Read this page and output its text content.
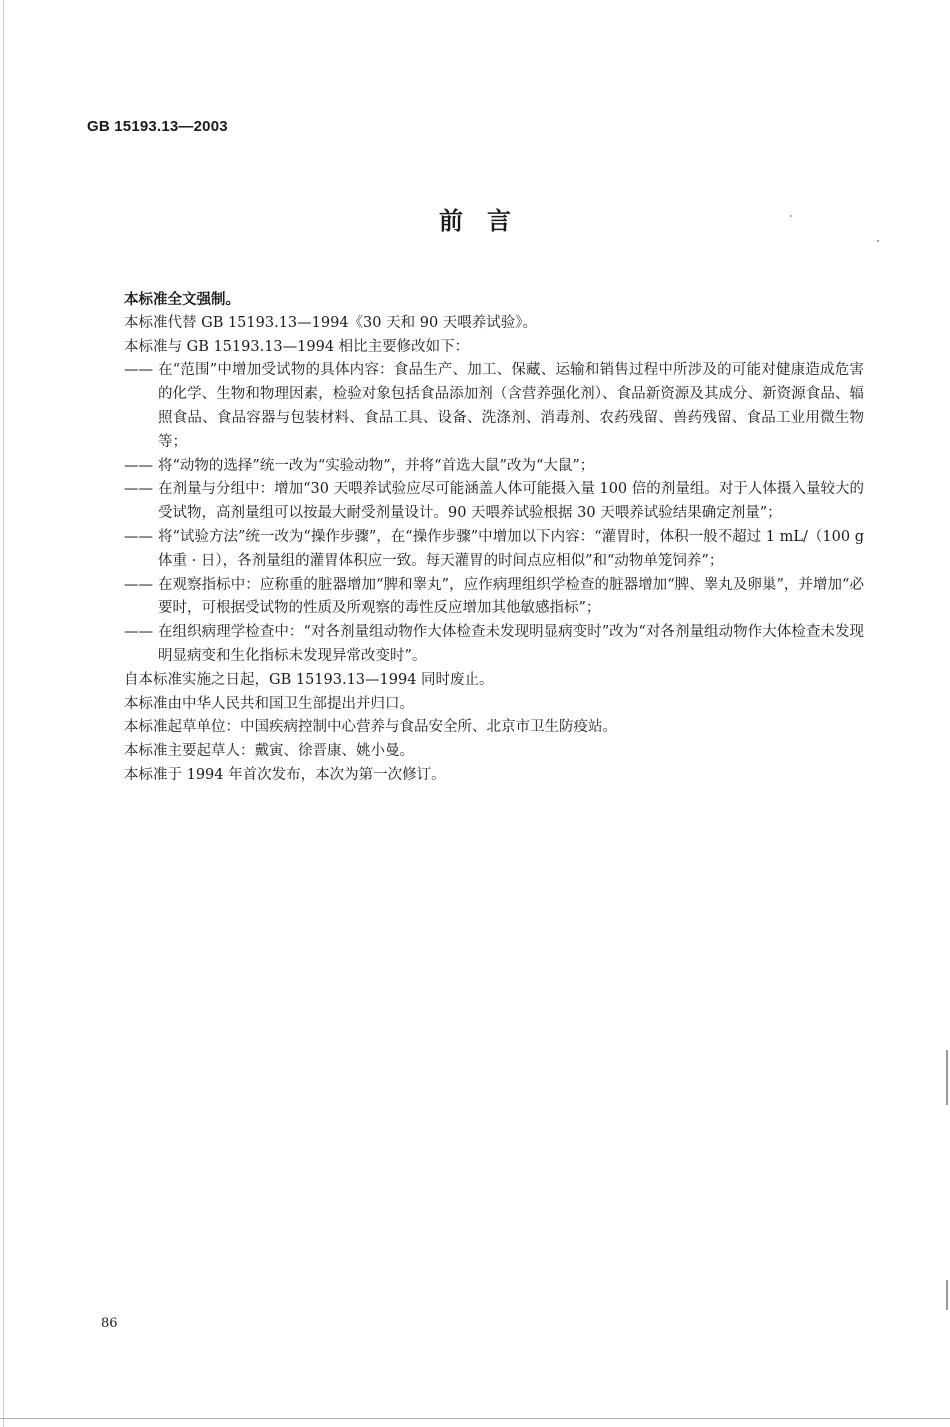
GB 15193.13—2003
前　言

本标准全文强制。

本标准代替 GB 15193.13—1994《30 天和 90 天喂养试验》。

本标准与 GB 15193.13—1994 相比主要修改如下：

—— 在“范围”中增加受试物的具体内容：食品生产、加工、保藏、运输和销售过程中所涉及的可能对健康造成危害的化学、生物和物理因素，检验对象包括食品添加剂（含营养强化剂）、食品新资源及其成分、新资源食品、辐照食品、食品容器与包装材料、食品工具、设备、洗涤剂、消毒剂、农药残留、兽药残留、食品工业用微生物等；
—— 将“动物的选择”统一改为“实验动物”，并将“首选大鼠”改为“大鼠”；
—— 在剂量与分组中：增加“30 天喂养试验应尽可能涵盖人体可能摄入量 100 倍的剂量组。对于人体摄入量较大的受试物，高剂量组可以按最大耐受剂量设计。90 天喂养试验根据 30 天喂养试验结果确定剂量”；
—— 将“试验方法”统一改为“操作步骤”，在“操作步骤”中增加以下内容：“灌胃时，体积一般不超过 1 mL/（100 g 体重 · 日），各剂量组的灌胃体积应一致。每天灌胃的时间点应相似”和“动物单笼饲养”；
—— 在观察指标中：应称重的脏器增加“脾和睾丸”，应作病理组织学检查的脏器增加“脾、睾丸及卵巢”，并增加“必要时，可根据受试物的性质及所观察的毒性反应增加其他敏感指标”；
—— 在组织病理学检查中：“对各剂量组动物作大体检查未发现明显病变时”改为“对各剂量组动物作大体检查未发现明显病变和生化指标未发现异常改变时”。

自本标准实施之日起，GB 15193.13—1994 同时废止。

本标准由中华人民共和国卫生部提出并归口。

本标准起草单位：中国疾病控制中心营养与食品安全所、北京市卫生防疫站。

本标准主要起草人：戴寅、徐晋康、姚小曼。

本标准于 1994 年首次发布，本次为第一次修订。

86
